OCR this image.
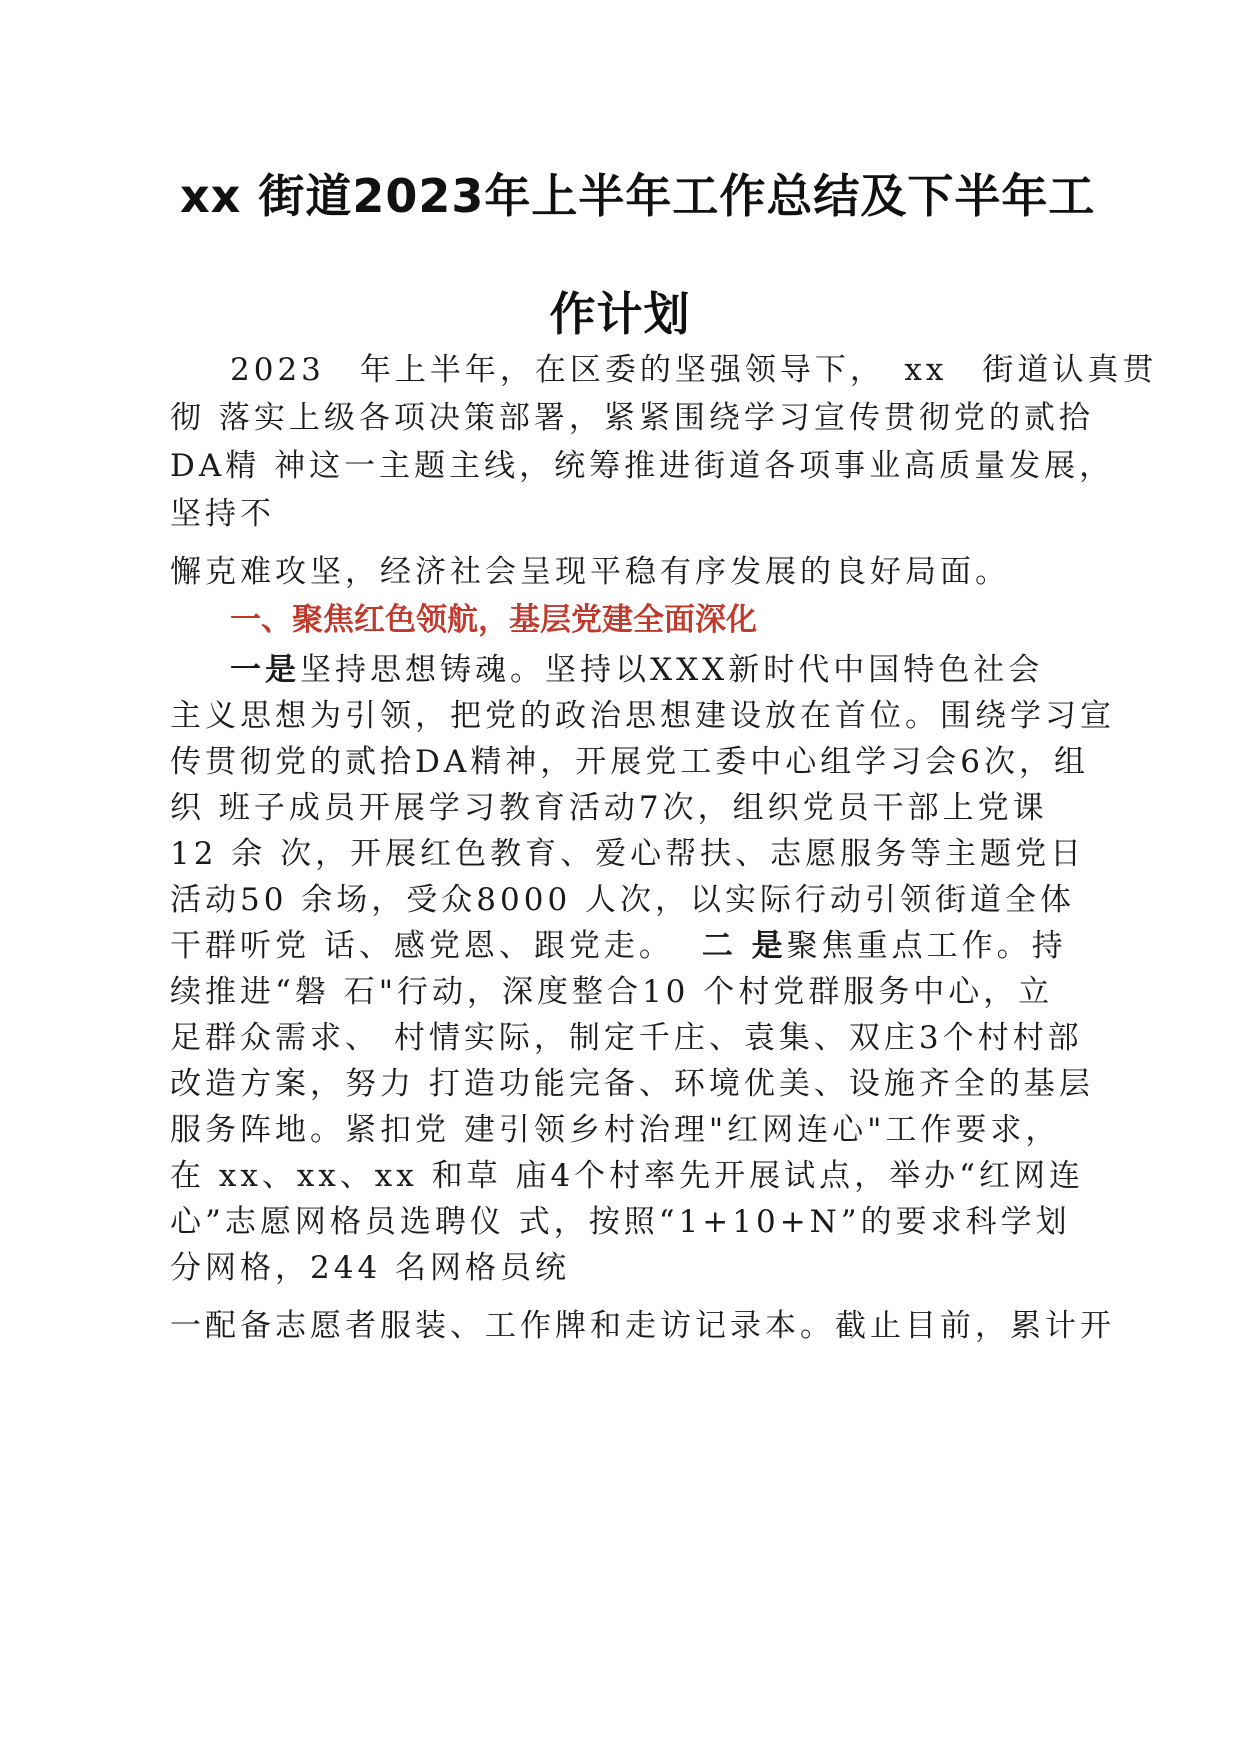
xx 街道2023年上半年工作总结及下半年工
作计划
2023　年上半年，在区委的坚强领导下，　xx　街道认真贯
彻 落实上级各项决策部署，紧紧围绕学习宣传贯彻党的贰拾
DA精 神这一主题主线，统筹推进街道各项事业高质量发展，
坚持不
懈克难攻坚，经济社会呈现平稳有序发展的良好局面。
一、聚焦红色领航，基层党建全面深化
一是坚持思想铸魂。坚持以XXX新时代中国特色社会
主义思想为引领，把党的政治思想建设放在首位。围绕学习宣
传贯彻党的贰拾DA精神，开展党工委中心组学习会6次，组
织 班子成员开展学习教育活动7次，组织党员干部上党课
12 余 次，开展红色教育、爱心帮扶、志愿服务等主题党日
活动50 余场，受众8000 人次，以实际行动引领街道全体
干群听党 话、感党恩、跟党走。 二 是聚焦重点工作。持
续推进“磐 石"行动，深度整合10 个村党群服务中心，立
足群众需求、 村情实际，制定千庄、袁集、双庄3个村村部
改造方案，努力 打造功能完备、环境优美、设施齐全的基层
服务阵地。紧扣党 建引领乡村治理"红网连心"工作要求，
在 xx、xx、xx 和草 庙4个村率先开展试点，举办“红网连
心”志愿网格员选聘仪 式，按照“1+10+N”的要求科学划
分网格，244 名网格员统
一配备志愿者服装、工作牌和走访记录本。截止目前，累计开
